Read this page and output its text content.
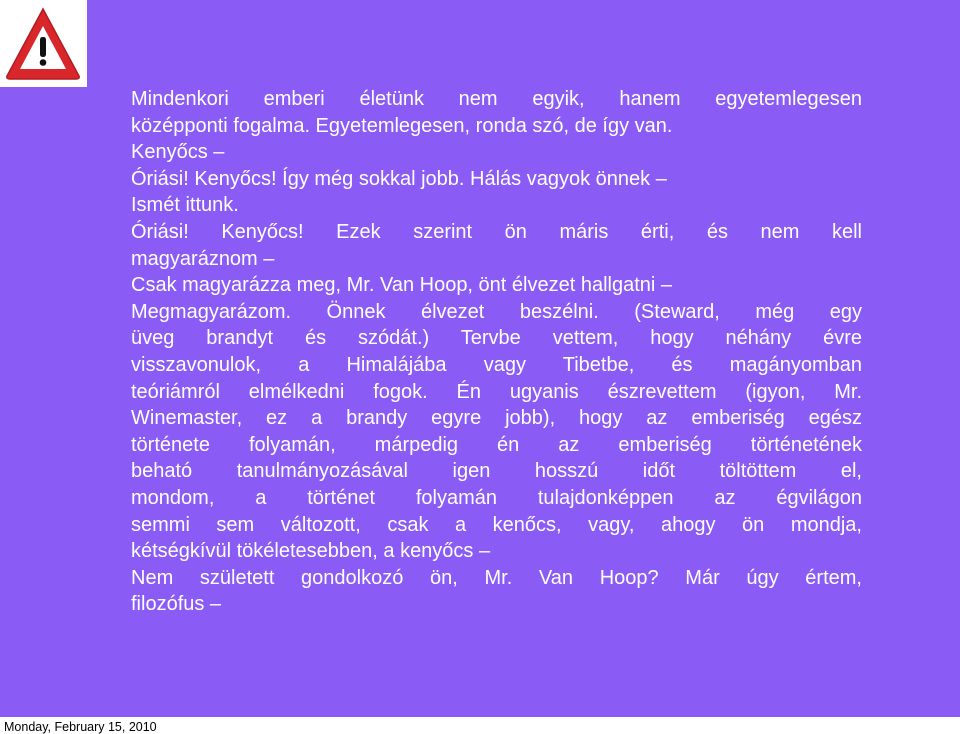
Mindenkori emberi életünk nem egyik, hanem egyetemlegesen
középponti fogalma. Egyetemlegesen, ronda szó, de így van.
Kenyőcs –
Óriási! Kenyőcs! Így még sokkal jobb. Hálás vagyok önnek –
Ismét ittunk.
Óriási! Kenyőcs! Ezek szerint ön máris érti, és nem kell
magyaráznom –
Csak magyarázza meg, Mr. Van Hoop, önt élvezet hallgatni –
Megmagyarázom. Önnek élvezet beszélni. (Steward, még egy
üveg brandyt és szódát.) Tervbe vettem, hogy néhány évre
visszavonulok, a Himalájába vagy Tibetbe, és magányomban
teóriámról elmélkedni fogok. Én ugyanis észrevettem (igyon, Mr.
Winemaster, ez a brandy egyre jobb), hogy az emberiség egész
története folyamán, márpedig én az emberiség történetének
beható tanulmányozásával igen hosszú időt töltöttem el,
mondom, a történet folyamán tulajdonképpen az égvilágon
semmi sem változott, csak a kenőcs, vagy, ahogy ön mondja,
kétségkívül tökéletesebben, a kenyőcs –
Nem született gondolkozó ön, Mr. Van Hoop? Már úgy értem,
filozófus –
Monday, February 15, 2010
